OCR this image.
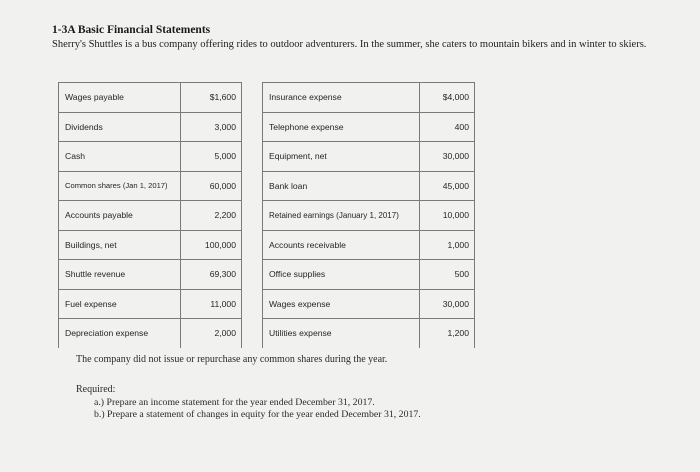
1-3A Basic Financial Statements
Sherry's Shuttles is a bus company offering rides to outdoor adventurers. In the summer, she caters to mountain bikers and in winter to skiers.
Wages payable	$1,600
Dividends	3,000
Cash	5,000
Common shares (Jan 1, 2017)	60,000
Accounts payable	2,200
Buildings, net	100,000
Shuttle revenue	69,300
Fuel expense	11,000
Depreciation expense	2,000
Insurance expense	$4,000
Telephone expense	400
Equipment, net	30,000
Bank loan	45,000
Retained earnings (January 1, 2017)	10,000
Accounts receivable	1,000
Office supplies	500
Wages expense	30,000
Utilities expense	1,200
The company did not issue or repurchase any common shares during the year.
Required:
a.) Prepare an income statement for the year ended December 31, 2017.
b.) Prepare a statement of changes in equity for the year ended December 31, 2017.
